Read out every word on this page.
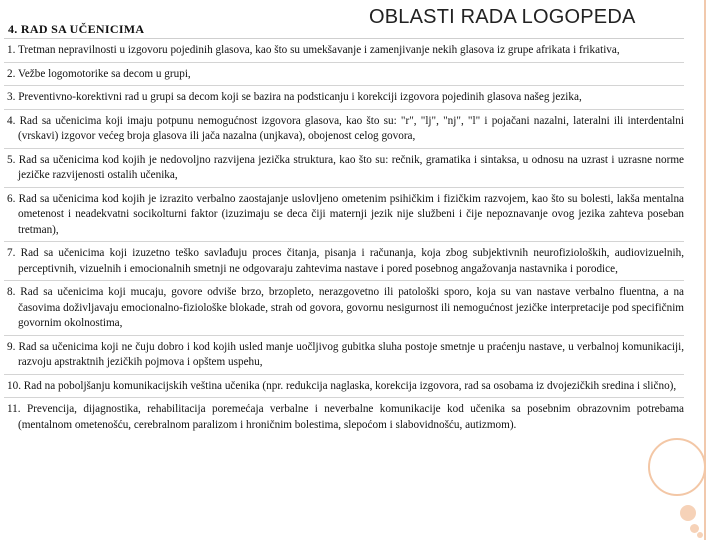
4. RAD SA UČENICIMA
OBLASTI RADA LOGOPEDA
1. Tretman nepravilnosti u izgovoru pojedinih glasova, kao što su umekšavanje i zamenjivanje nekih glasova iz grupe afrikata i frikativa,
2. Vežbe logomotorike sa decom u grupi,
3. Preventivno-korektivni rad u grupi sa decom koji se bazira na podsticanju i korekciji izgovora pojedinih glasova našeg jezika,
4. Rad sa učenicima koji imaju potpunu nemogućnost izgovora glasova, kao što su: "r", "lj", "nj", "l" i pojačani nazalni, lateralni ili interdentalni (vrskavi) izgovor većeg broja glasova ili jača nazalna (unjkava), obojenost celog govora,
5. Rad sa učenicima kod kojih je nedovoljno razvijena jezička struktura, kao što su: rečnik, gramatika i sintaksa, u odnosu na uzrast i uzrasne norme jezičke razvijenosti ostalih učenika,
6. Rad sa učenicima kod kojih je izrazito verbalno zaostajanje uslovljeno ometenim psihičkim i fizičkim razvojem, kao što su bolesti, lakša mentalna ometenost i neadekvatni socikolturni faktor (izuzimaju se deca čiji maternji jezik nije službeni i čije nepoznavanje ovog jezika zahteva poseban tretman),
7. Rad sa učenicima koji izuzetno teško savlađuju proces čitanja, pisanja i računanja, koja zbog subjektivnih neurofizioloških, audiovizuelnih, perceptivnih, vizuelnih i emocionalnih smetnji ne odgovaraju zahtevima nastave i pored posebnog angažovanja nastavnika i porodice,
8. Rad sa učenicima koji mucaju, govore odviše brzo, brzopleto, nerazgovetno ili patološki sporo, koja su van nastave verbalno fluentna, a na časovima doživljavaju emocionalno-fiziološke blokade, strah od govora, govornu nesigurnost ili nemogućnost jezičke interpretacije pod specifičnim govornim okolnostima,
9. Rad sa učenicima koji ne čuju dobro i kod kojih usled manje uočljivog gubitka sluha postoje smetnje u praćenju nastave, u verbalnoj komunikaciji, razvoju apstraktnih jezičkih pojmova i opštem uspehu,
10. Rad na poboljšanju komunikacijskih veština učenika (npr. redukcija naglaska, korekcija izgovora, rad sa osobama iz dvojezičkih sredina i slično),
11. Prevencija, dijagnostika, rehabilitacija poremećaja verbalne i neverbalne komunikacije kod učenika sa posebnim obrazovnim potrebama (mentalnom ometenošću, cerebralnom paralizom i hroničnim bolestima, slepoćom i slabovidnošću, autizmom).
